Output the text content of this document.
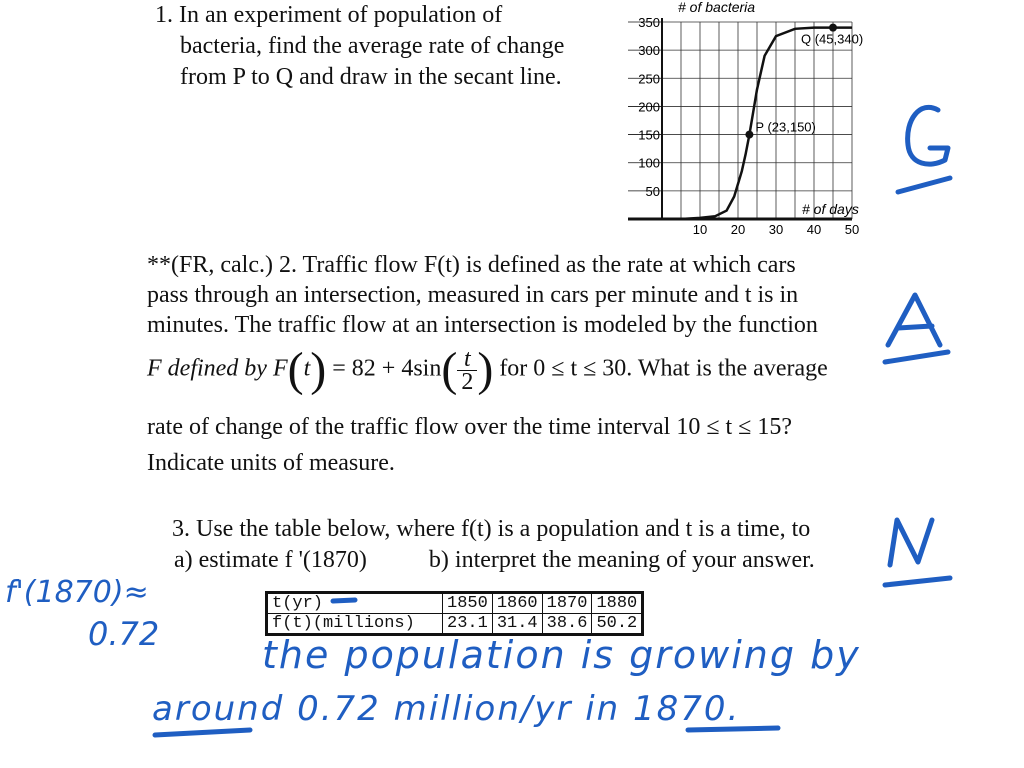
1. In an experiment of population of
bacteria, find the average rate of change
from P to Q and draw in the secant line.
350
300
250
200
150
100
50
10 20 30 40 50
P (23,150)
Q (45,340)
# of bacteria
# of days
**(FR, calc.) 2. Traffic flow F(t) is defined as the rate at which cars
pass through an intersection, measured in cars per minute and t is in
minutes. The traffic flow at an intersection is modeled by the function
F defined by $F(t) = 82 + 4\sin( \frac{t}{2}$ ) for 0 ≤ t ≤ 30. What is the average
rate of change of the traffic flow over the time interval 10 ≤ t ≤ 15?
Indicate units of measure.
3. Use the table below, where f(t) is a population and t is a time, to
a) estimate f '(1870)	b) interpret the meaning of your answer.
t(yr)	1850	1860	1870	1880
f(t)(millions)	23.1	31.4	38.6	50.2
f'(1870)≈
0.72	the population is growing by
around 0.72 million/yr in 1870.
